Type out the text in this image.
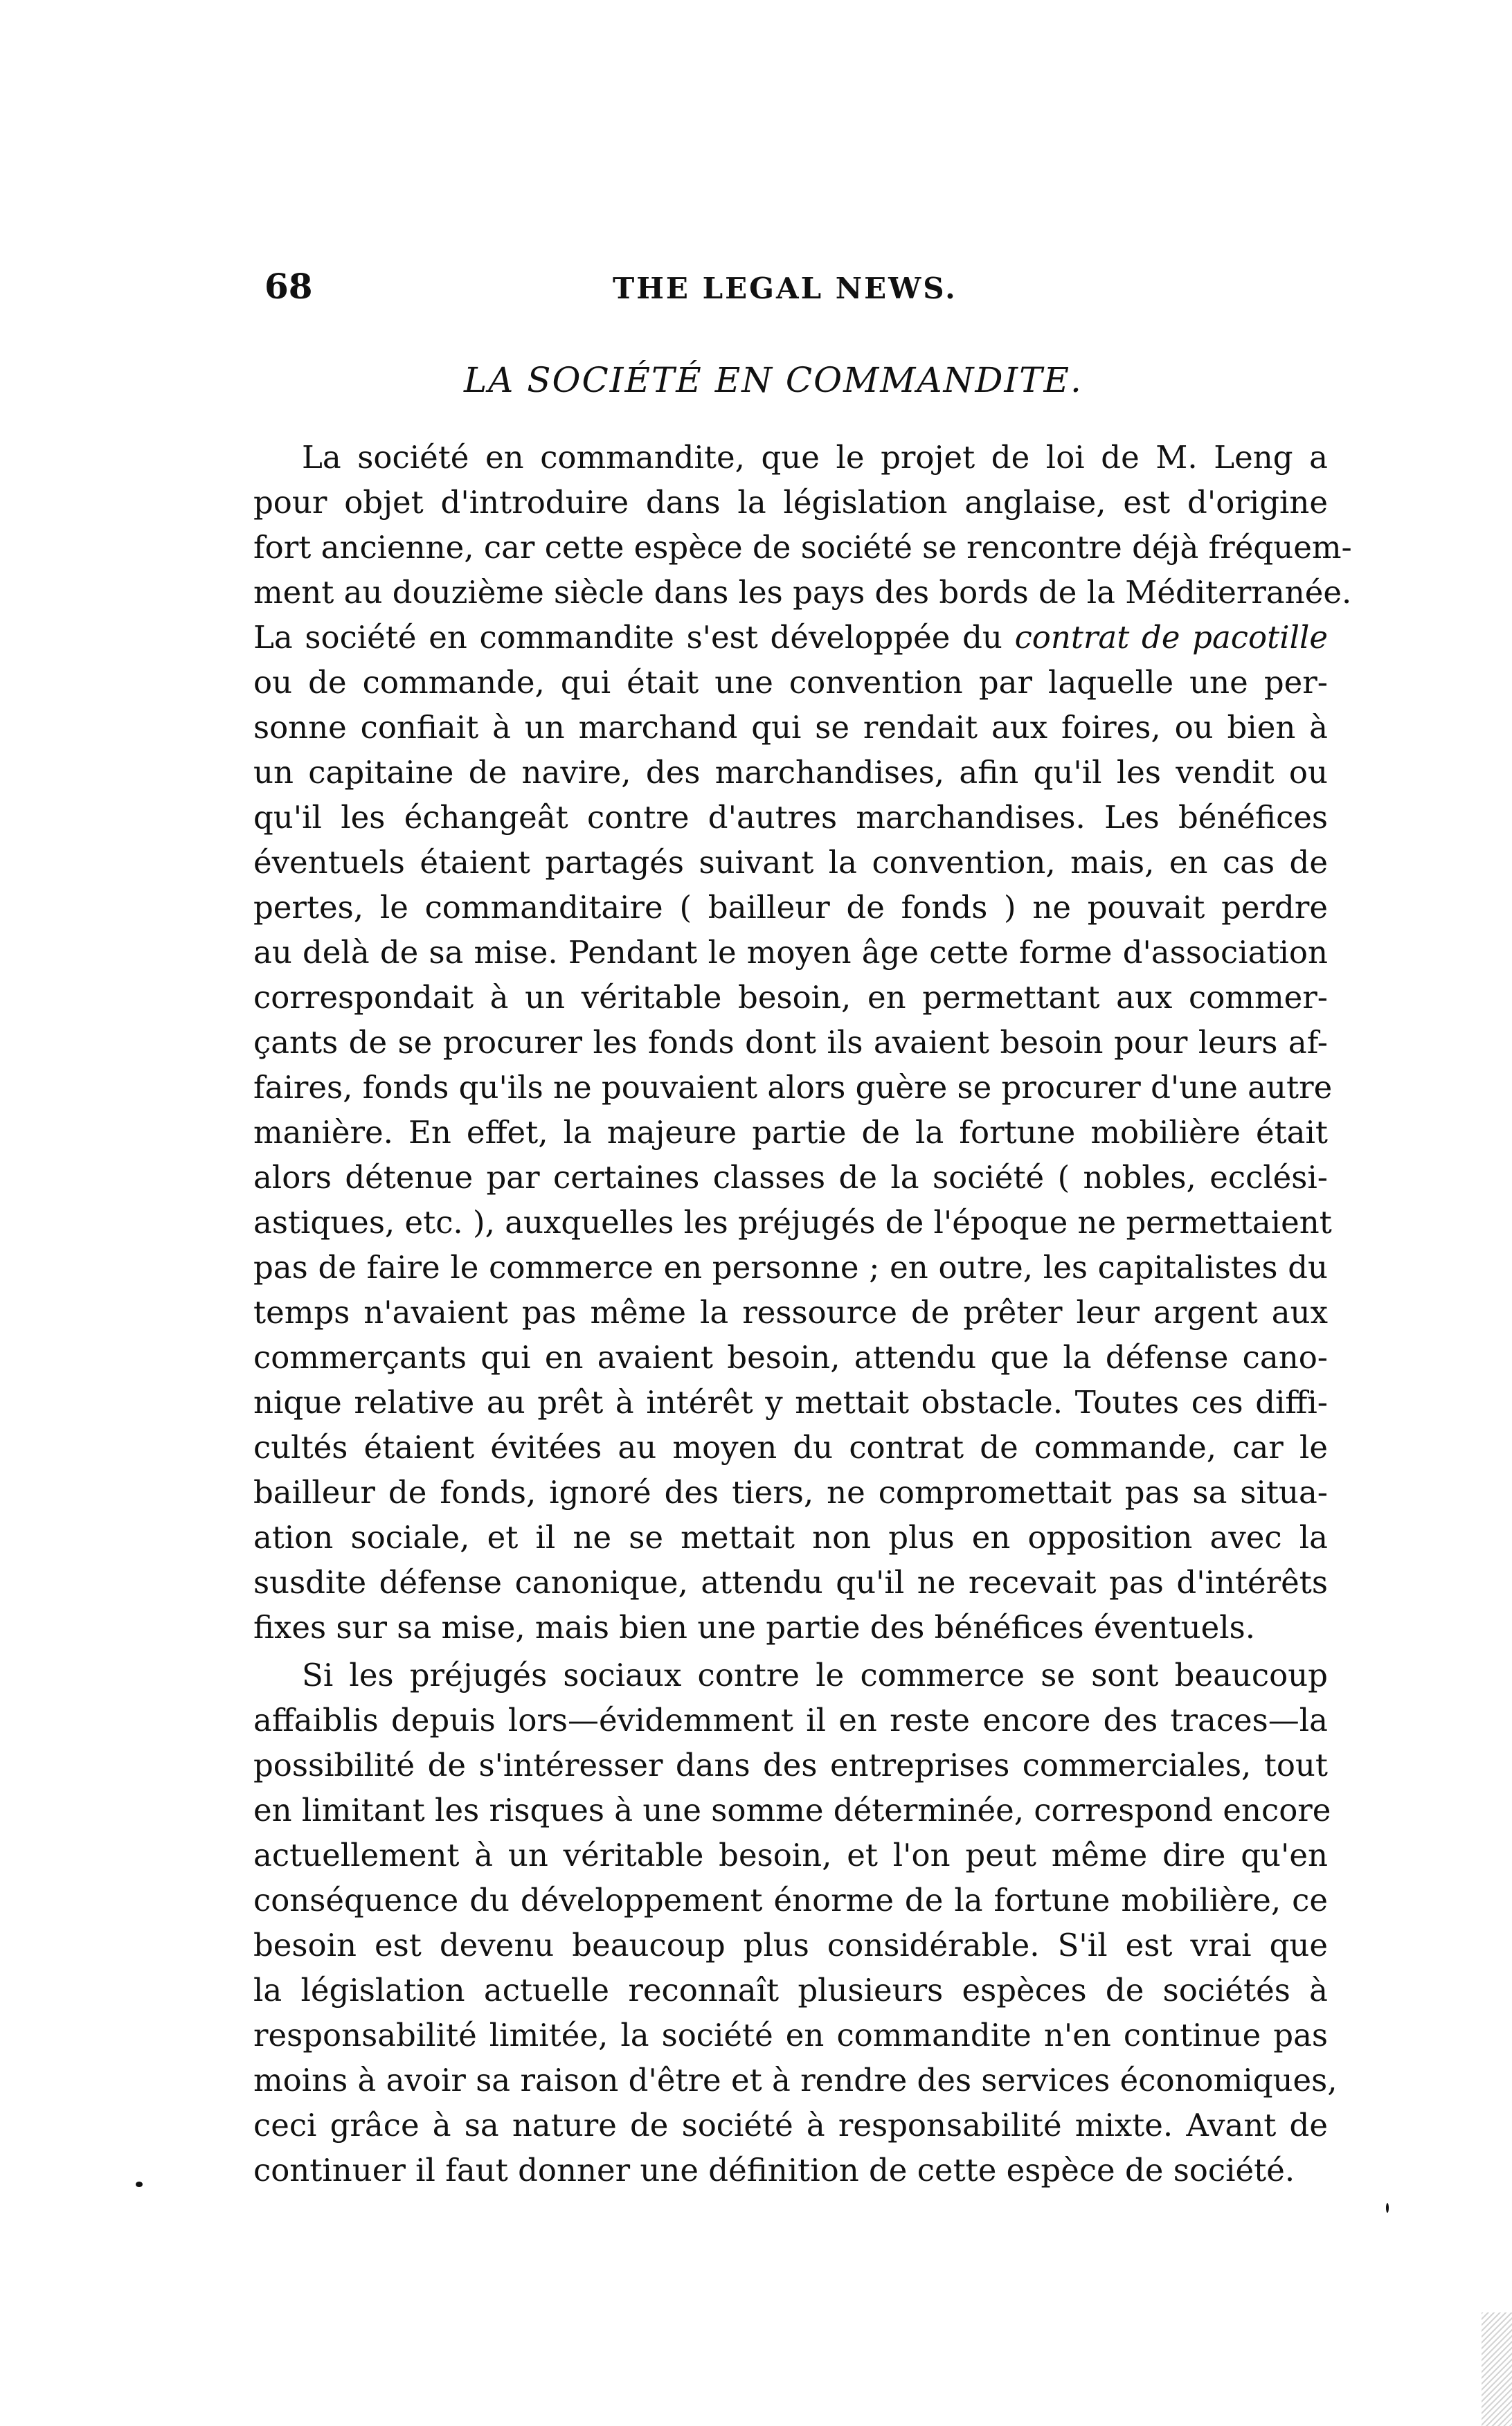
68	THE LEGAL NEWS.
LA SOCIÉTÉ EN COMMANDITE.
La société en commandite, que le projet de loi de M. Leng a
pour objet d'introduire dans la législation anglaise, est d'origine
fort ancienne, car cette espèce de société se rencontre déjà fréquem-
ment au douzième siècle dans les pays des bords de la Méditerranée.
La société en commandite s'est développée du contrat de pacotille
ou de commande, qui était une convention par laquelle une per-
sonne confiait à un marchand qui se rendait aux foires, ou bien à
un capitaine de navire, des marchandises, afin qu'il les vendit ou
qu'il les échangeât contre d'autres marchandises. Les bénéfices
éventuels étaient partagés suivant la convention, mais, en cas de
pertes, le commanditaire ( bailleur de fonds ) ne pouvait perdre
au delà de sa mise. Pendant le moyen âge cette forme d'association
correspondait à un véritable besoin, en permettant aux commer-
çants de se procurer les fonds dont ils avaient besoin pour leurs af-
faires, fonds qu'ils ne pouvaient alors guère se procurer d'une autre
manière. En effet, la majeure partie de la fortune mobilière était
alors détenue par certaines classes de la société ( nobles, ecclési-
astiques, etc. ), auxquelles les préjugés de l'époque ne permettaient
pas de faire le commerce en personne ; en outre, les capitalistes du
temps n'avaient pas même la ressource de prêter leur argent aux
commerçants qui en avaient besoin, attendu que la défense cano-
nique relative au prêt à intérêt y mettait obstacle. Toutes ces diffi-
cultés étaient évitées au moyen du contrat de commande, car le
bailleur de fonds, ignoré des tiers, ne compromettait pas sa situa-
ation sociale, et il ne se mettait non plus en opposition avec la
susdite défense canonique, attendu qu'il ne recevait pas d'intérêts
fixes sur sa mise, mais bien une partie des bénéfices éventuels.
Si les préjugés sociaux contre le commerce se sont beaucoup
affaiblis depuis lors—évidemment il en reste encore des traces—la
possibilité de s'intéresser dans des entreprises commerciales, tout
en limitant les risques à une somme déterminée, correspond encore
actuellement à un véritable besoin, et l'on peut même dire qu'en
conséquence du développement énorme de la fortune mobilière, ce
besoin est devenu beaucoup plus considérable. S'il est vrai que
la législation actuelle reconnaît plusieurs espèces de sociétés à
responsabilité limitée, la société en commandite n'en continue pas
moins à avoir sa raison d'être et à rendre des services économiques,
ceci grâce à sa nature de société à responsabilité mixte. Avant de
continuer il faut donner une définition de cette espèce de société.
